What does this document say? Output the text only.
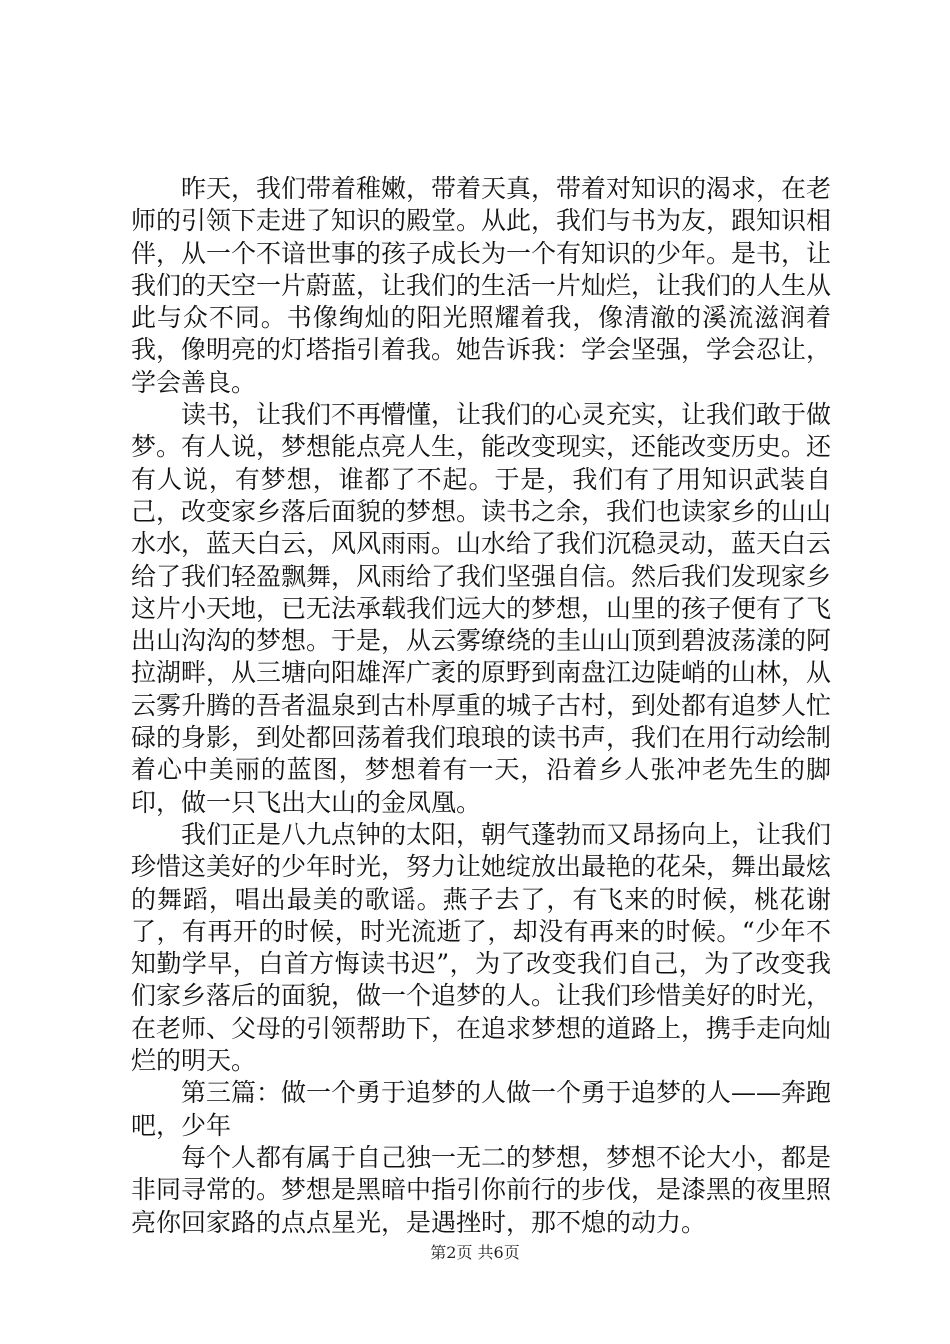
昨天，我们带着稚嫩，带着天真，带着对知识的渴求，在老师的引领下走进了知识的殿堂。从此，我们与书为友，跟知识相伴，从一个不谙世事的孩子成长为一个有知识的少年。是书，让我们的天空一片蔚蓝，让我们的生活一片灿烂，让我们的人生从此与众不同。书像绚灿的阳光照耀着我，像清澈的溪流滋润着我，像明亮的灯塔指引着我。她告诉我：学会坚强，学会忍让，学会善良。

读书，让我们不再懵懂，让我们的心灵充实，让我们敢于做梦。有人说，梦想能点亮人生，能改变现实，还能改变历史。还有人说，有梦想，谁都了不起。于是，我们有了用知识武装自己，改变家乡落后面貌的梦想。读书之余，我们也读家乡的山山水水，蓝天白云，风风雨雨。山水给了我们沉稳灵动，蓝天白云给了我们轻盈飘舞，风雨给了我们坚强自信。然后我们发现家乡这片小天地，已无法承载我们远大的梦想，山里的孩子便有了飞出山沟沟的梦想。于是，从云雾缭绕的圭山山顶到碧波荡漾的阿拉湖畔，从三塘向阳雄浑广袤的原野到南盘江边陡峭的山林，从云雾升腾的吾者温泉到古朴厚重的城子古村，到处都有追梦人忙碌的身影，到处都回荡着我们琅琅的读书声，我们在用行动绘制着心中美丽的蓝图，梦想着有一天，沿着乡人张冲老先生的脚印，做一只飞出大山的金凤凰。

我们正是八九点钟的太阳，朝气蓬勃而又昂扬向上，让我们珍惜这美好的少年时光，努力让她绽放出最艳的花朵，舞出最炫的舞蹈，唱出最美的歌谣。燕子去了，有飞来的时候，桃花谢了，有再开的时候，时光流逝了，却没有再来的时候。“少年不知勤学早，白首方悔读书迟”，为了改变我们自己，为了改变我们家乡落后的面貌，做一个追梦的人。让我们珍惜美好的时光，在老师、父母的引领帮助下，在追求梦想的道路上，携手走向灿烂的明天。

第三篇：做一个勇于追梦的人做一个勇于追梦的人——奔跑吧，少年

每个人都有属于自己独一无二的梦想，梦想不论大小，都是非同寻常的。梦想是黑暗中指引你前行的步伐，是漆黑的夜里照亮你回家路的点点星光，是遇挫时，那不熄的动力。

第2页 共6页
